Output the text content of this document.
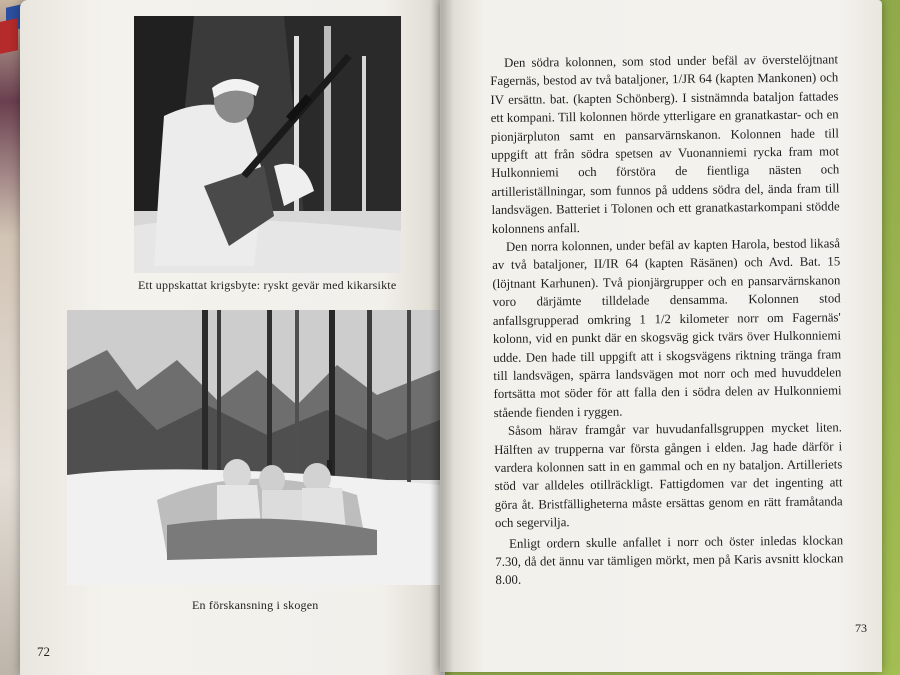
Ett uppskattat krigsbyte: ryskt gevär med kikarsikte
En förskansning i skogen
72

Den södra kolonnen, som stod under befäl av överstelöjtnant Fagernäs, bestod av två bataljoner, 1/JR 64 (kapten Mankonen) och IV ersättn. bat. (kapten Schönberg). I sistnämnda bataljon fattades ett kompani. Till kolonnen hörde ytterligare en granatkastar- och en pionjärpluton samt en pansarvärnskanon. Kolonnen hade till uppgift att från södra spetsen av Vuonanniemi rycka fram mot Hulkonniemi och förstöra de fientliga nästen och artilleriställningar, som funnos på uddens södra del, ända fram till landsvägen. Batteriet i Tolonen och ett granatkastarkompani stödde kolonnens anfall.

Den norra kolonnen, under befäl av kapten Harola, bestod likaså av två bataljoner, II/IR 64 (kapten Räsänen) och Avd. Bat. 15 (löjtnant Karhunen). Två pionjärgrupper och en pansarvärnskanon voro därjämte tilldelade densamma. Kolonnen stod anfallsgrupperad omkring 1 1/2 kilometer norr om Fagernäs' kolonn, vid en punkt där en skogsväg gick tvärs över Hulkonniemi udde. Den hade till uppgift att i skogsvägens riktning tränga fram till landsvägen, spärra landsvägen mot norr och med huvuddelen fortsätta mot söder för att falla den i södra delen av Hulkonniemi stående fienden i ryggen.

Såsom härav framgår var huvudanfallsgruppen mycket liten. Hälften av trupperna var första gången i elden. Jag hade därför i vardera kolonnen satt in en gammal och en ny bataljon. Artilleriets stöd var alldeles otillräckligt. Fattigdomen var det ingenting att göra åt. Bristfälligheterna måste ersättas genom en rätt framåtanda och segervilja.

Enligt ordern skulle anfallet i norr och öster inledas klockan 7.30, då det ännu var tämligen mörkt, men på Karis avsnitt klockan 8.00.

73
